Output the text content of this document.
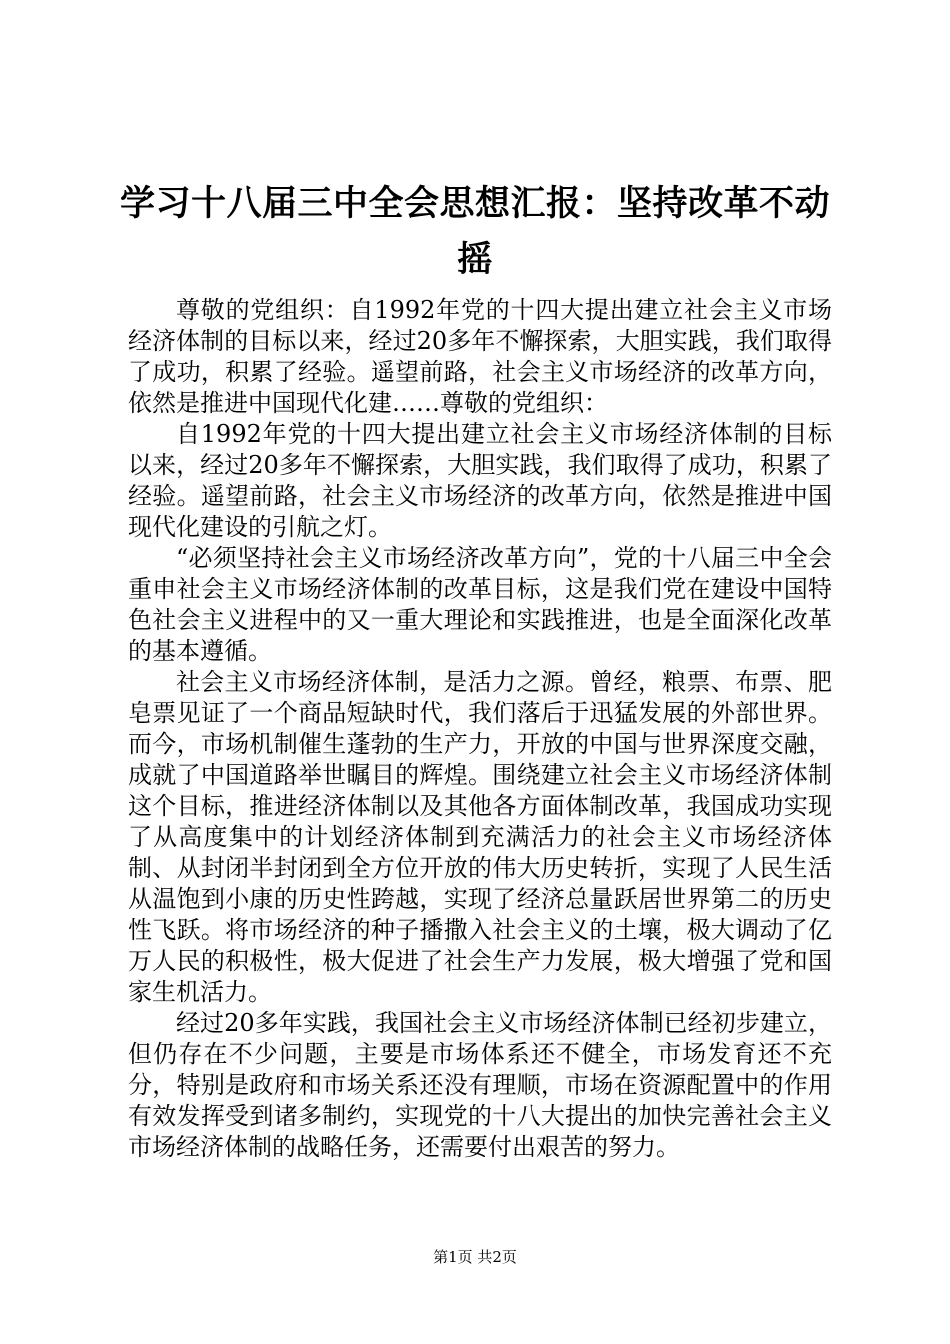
学习十八届三中全会思想汇报：坚持改革不动摇

尊敬的党组织：自1992年党的十四大提出建立社会主义市场经济体制的目标以来，经过20多年不懈探索，大胆实践，我们取得了成功，积累了经验。遥望前路，社会主义市场经济的改革方向，依然是推进中国现代化建……尊敬的党组织：

自1992年党的十四大提出建立社会主义市场经济体制的目标以来，经过20多年不懈探索，大胆实践，我们取得了成功，积累了经验。遥望前路，社会主义市场经济的改革方向，依然是推进中国现代化建设的引航之灯。

“必须坚持社会主义市场经济改革方向”，党的十八届三中全会重申社会主义市场经济体制的改革目标，这是我们党在建设中国特色社会主义进程中的又一重大理论和实践推进，也是全面深化改革的基本遵循。

社会主义市场经济体制，是活力之源。曾经，粮票、布票、肥皂票见证了一个商品短缺时代，我们落后于迅猛发展的外部世界。而今，市场机制催生蓬勃的生产力，开放的中国与世界深度交融，成就了中国道路举世瞩目的辉煌。围绕建立社会主义市场经济体制这个目标，推进经济体制以及其他各方面体制改革，我国成功实现了从高度集中的计划经济体制到充满活力的社会主义市场经济体制、从封闭半封闭到全方位开放的伟大历史转折，实现了人民生活从温饱到小康的历史性跨越，实现了经济总量跃居世界第二的历史性飞跃。将市场经济的种子播撒入社会主义的土壤，极大调动了亿万人民的积极性，极大促进了社会生产力发展，极大增强了党和国家生机活力。

经过20多年实践，我国社会主义市场经济体制已经初步建立，但仍存在不少问题，主要是市场体系还不健全，市场发育还不充分，特别是政府和市场关系还没有理顺，市场在资源配置中的作用有效发挥受到诸多制约，实现党的十八大提出的加快完善社会主义市场经济体制的战略任务，还需要付出艰苦的努力。

第1页 共2页
